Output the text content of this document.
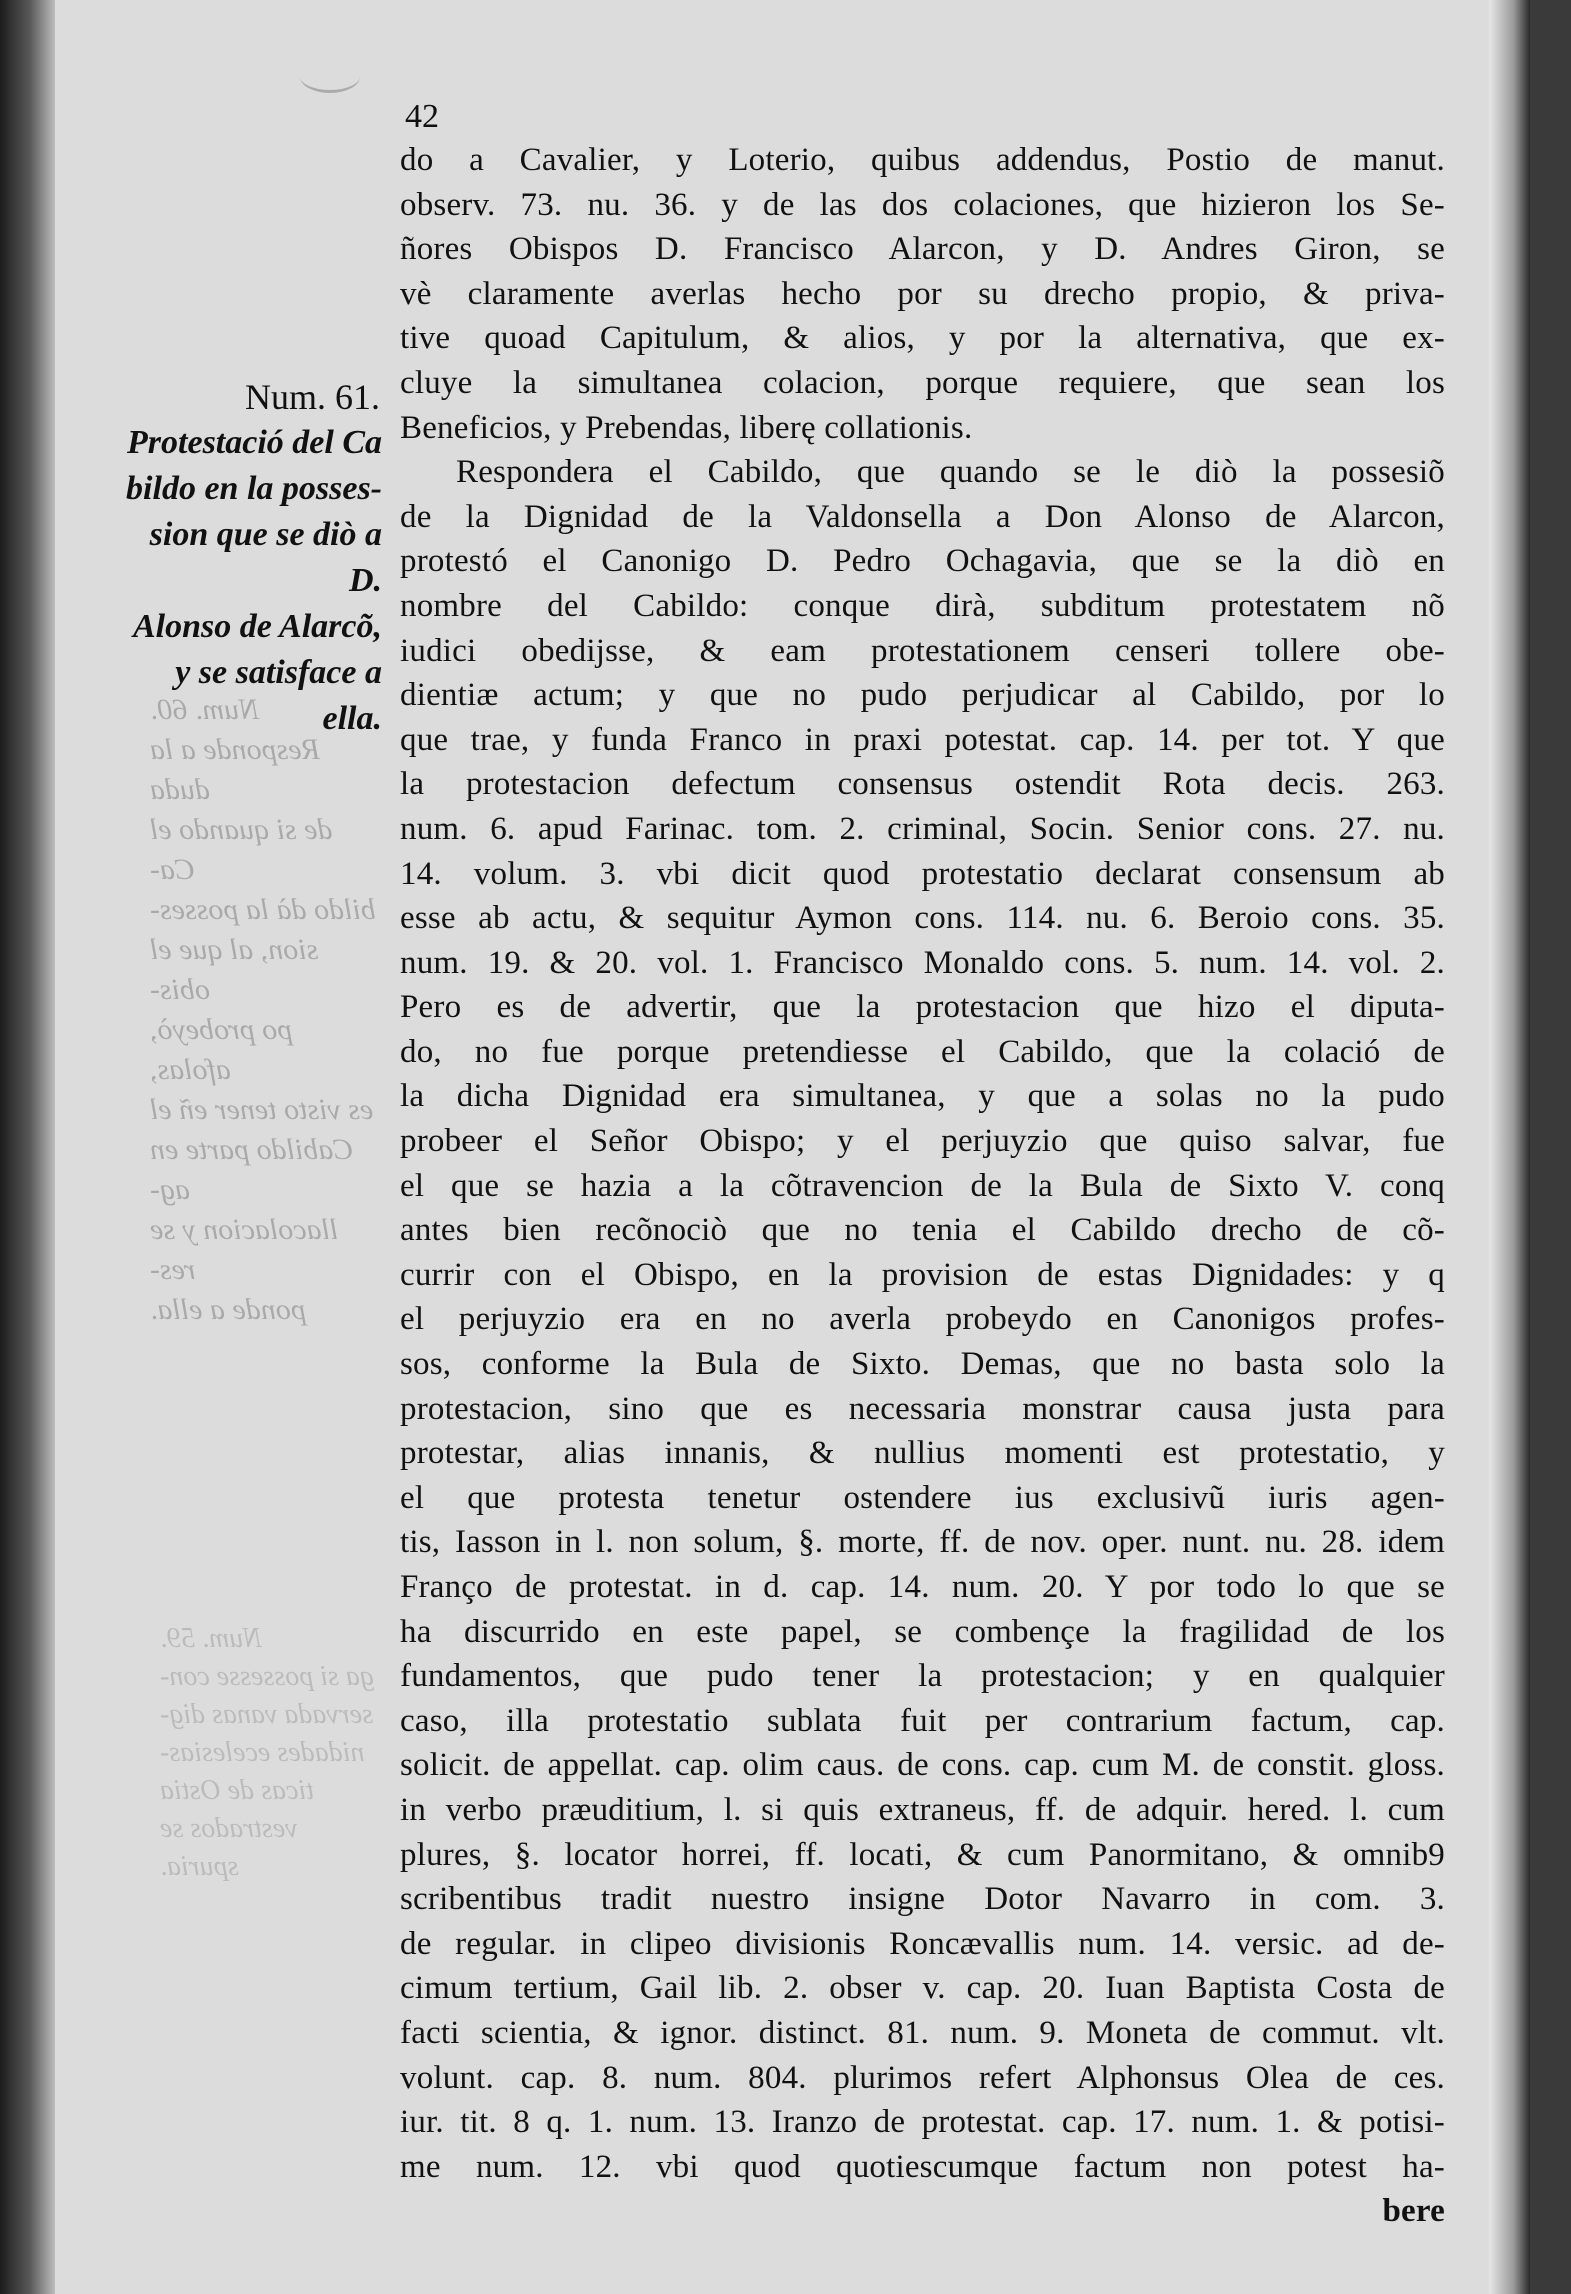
42

Num. 61.

Protestació del Ca
bildo en la posses-
sion que se diò a D.
Alonso de Alarcõ,
y se satisface a ella.
Num. 60.
Responde a la duda
de si quando el Ca-
bildo dà la posses-
sion, al que el obis-
po probeyò, afolas,
es visto tener eñ el
Cabildo parte en ag-
llacolacion y se res-
ponde a ella.
Num. 59.
ga si possesse con-
servada vanas dig-
nidades ecelesias-
ticas de Ostia
vestrados se spuria.
do a Cavalier, y Loterio, quibus addendus, Postio de manut.
observ. 73. nu. 36. y de las dos colaciones, que hizieron los Se-
ñores Obispos D. Francisco Alarcon, y D. Andres Giron, se
vè claramente averlas hecho por su drecho propio, & priva-
tive quoad Capitulum, & alios, y por la alternativa, que ex-
cluye la simultanea colacion, porque requiere, que sean los
Beneficios, y Prebendas, liberę collationis.
Respondera el Cabildo, que quando se le diò la possesiõ
de la Dignidad de la Valdonsella a Don Alonso de Alarcon,
protestó el Canonigo D. Pedro Ochagavia, que se la diò en
nombre del Cabildo: conque dirà, subditum protestatem nõ
iudici obedijsse, & eam protestationem censeri tollere obe-
dientiæ actum; y que no pudo perjudicar al Cabildo, por lo
que trae, y funda Franco in praxi potestat. cap. 14. per tot. Y que
la protestacion defectum consensus ostendit Rota decis. 263.
num. 6. apud Farinac. tom. 2. criminal, Socin. Senior cons. 27. nu.
14. volum. 3. vbi dicit quod protestatio declarat consensum ab
esse ab actu, & sequitur Aymon cons. 114. nu. 6. Beroio cons. 35.
num. 19. & 20. vol. 1. Francisco Monaldo cons. 5. num. 14. vol. 2.
Pero es de advertir, que la protestacion que hizo el diputa-
do, no fue porque pretendiesse el Cabildo, que la colació de
la dicha Dignidad era simultanea, y que a solas no la pudo
probeer el Señor Obispo; y el perjuyzio que quiso salvar, fue
el que se hazia a la cõtravencion de la Bula de Sixto V. conq
antes bien recõnociò que no tenia el Cabildo drecho de cõ-
currir con el Obispo, en la provision de estas Dignidades: y q
el perjuyzio era en no averla probeydo en Canonigos profes-
sos, conforme la Bula de Sixto. Demas, que no basta solo la
protestacion, sino que es necessaria monstrar causa justa para
protestar, alias innanis, & nullius momenti est protestatio, y
el que protesta tenetur ostendere ius exclusivũ iuris agen-
tis, Iasson in l. non solum, §. morte, ff. de nov. oper. nunt. nu. 28. idem
Franço de protestat. in d. cap. 14. num. 20. Y por todo lo que se
ha discurrido en este papel, se combençe la fragilidad de los
fundamentos, que pudo tener la protestacion; y en qualquier
caso, illa protestatio sublata fuit per contrarium factum, cap.
solicit. de appellat. cap. olim caus. de cons. cap. cum M. de constit. gloss.
in verbo præuditium, l. si quis extraneus, ff. de adquir. hered. l. cum
plures, §. locator horrei, ff. locati, & cum Panormitano, & omnib9
scribentibus tradit nuestro insigne Dotor Navarro in com. 3.
de regular. in clipeo divisionis Roncævallis num. 14. versic. ad de-
cimum tertium, Gail lib. 2. obser v. cap. 20. Iuan Baptista Costa de
facti scientia, & ignor. distinct. 81. num. 9. Moneta de commut. vlt.
volunt. cap. 8. num. 804. plurimos refert Alphonsus Olea de ces.
iur. tit. 8 q. 1. num. 13. Iranzo de protestat. cap. 17. num. 1. & potisi-
me num. 12. vbi quod quotiescumque factum non potest ha-
bere
